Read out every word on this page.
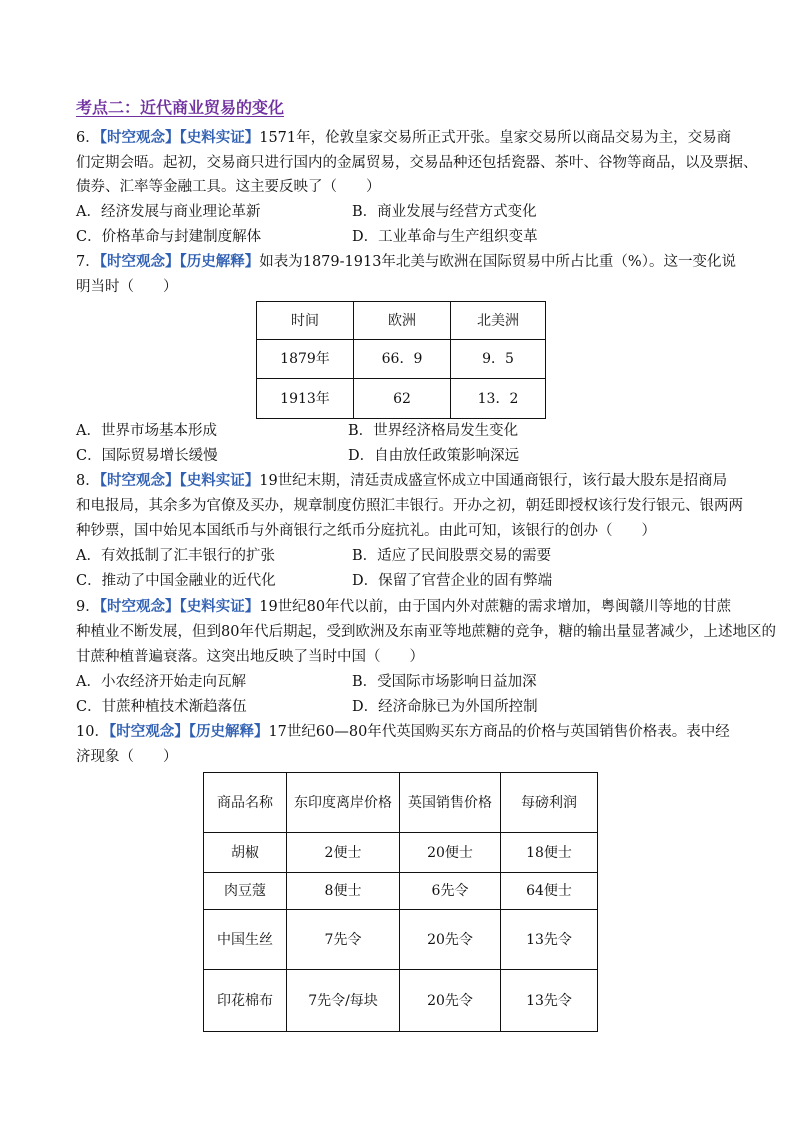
考点二：近代商业贸易的变化
6．【时空观念】【史料实证】1571年，伦敦皇家交易所正式开张。皇家交易所以商品交易为主，交易商
们定期会晤。起初，交易商只进行国内的金属贸易，交易品种还包括瓷器、茶叶、谷物等商品，以及票据、
债券、汇率等金融工具。这主要反映了（　　）
A．经济发展与商业理论革新	B．商业发展与经营方式变化
C．价格革命与封建制度解体	D．工业革命与生产组织变革
7．【时空观念】【历史解释】如表为1879-1913年北美与欧洲在国际贸易中所占比重（%）。这一变化说
明当时（　　）
时间	欧洲	北美洲
1879年	66．9	9．5
1913年	62	13．2
A．世界市场基本形成	B．世界经济格局发生变化
C．国际贸易增长缓慢	D．自由放任政策影响深远
8．【时空观念】【史料实证】19世纪末期，清廷责成盛宣怀成立中国通商银行，该行最大股东是招商局
和电报局，其余多为官僚及买办，规章制度仿照汇丰银行。开办之初，朝廷即授权该行发行银元、银两两
种钞票，国中始见本国纸币与外商银行之纸币分庭抗礼。由此可知，该银行的创办（　　）
A．有效抵制了汇丰银行的扩张	B．适应了民间股票交易的需要
C．推动了中国金融业的近代化	D．保留了官营企业的固有弊端
9．【时空观念】【史料实证】19世纪80年代以前，由于国内外对蔗糖的需求增加，粤闽赣川等地的甘蔗
种植业不断发展，但到80年代后期起，受到欧洲及东南亚等地蔗糖的竞争，糖的输出量显著减少，上述地区的
甘蔗种植普遍衰落。这突出地反映了当时中国（　　）
A．小农经济开始走向瓦解	B．受国际市场影响日益加深
C．甘蔗种植技术渐趋落伍	D．经济命脉已为外国所控制
10．【时空观念】【历史解释】17世纪60—80年代英国购买东方商品的价格与英国销售价格表。表中经
济现象（　　）
商品名称	东印度离岸价格	英国销售价格	每磅利润
胡椒	2便士	20便士	18便士
肉豆蔻	8便士	6先令	64便士
中国生丝	7先令	20先令	13先令
印花棉布	7先令/每块	20先令	13先令
